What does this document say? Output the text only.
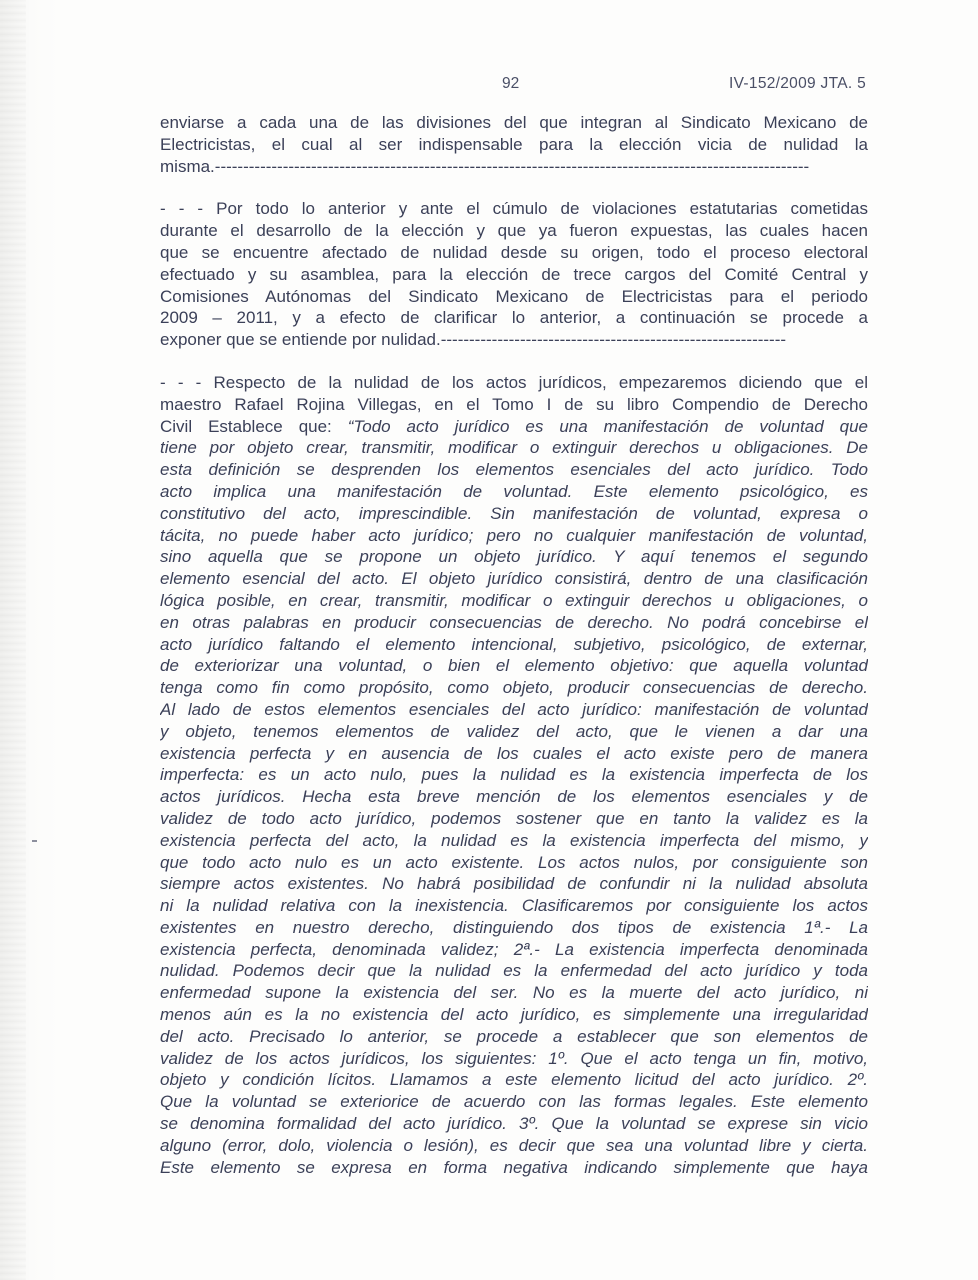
92	IV-152/2009 JTA. 5

enviarse a cada una de las divisiones del que integran al Sindicato Mexicano de
Electricistas, el cual al ser indispensable para la elección vicia de nulidad la
misma.---------------------------------------------------------------------------------------------------------

- - - Por todo lo anterior y ante el cúmulo de violaciones estatutarias cometidas
durante el desarrollo de la elección y que ya fueron expuestas, las cuales hacen
que se encuentre afectado de nulidad desde su origen, todo el proceso electoral
efectuado y su asamblea, para la elección de trece cargos del Comité Central y
Comisiones Autónomas del Sindicato Mexicano de Electricistas para el periodo
2009 – 2011, y a efecto de clarificar lo anterior, a continuación se procede a
exponer que se entiende por nulidad.-------------------------------------------------------------

- - - Respecto de la nulidad de los actos jurídicos, empezaremos diciendo que el
maestro Rafael Rojina Villegas, en el Tomo I de su libro Compendio de Derecho
Civil Establece que: “Todo acto jurídico es una manifestación de voluntad que
tiene por objeto crear, transmitir, modificar o extinguir derechos u obligaciones. De
esta definición se desprenden los elementos esenciales del acto jurídico. Todo
acto implica una manifestación de voluntad. Este elemento psicológico, es
constitutivo del acto, imprescindible. Sin manifestación de voluntad, expresa o
tácita, no puede haber acto jurídico; pero no cualquier manifestación de voluntad,
sino aquella que se propone un objeto jurídico. Y aquí tenemos el segundo
elemento esencial del acto. El objeto jurídico consistirá, dentro de una clasificación
lógica posible, en crear, transmitir, modificar o extinguir derechos u obligaciones, o
en otras palabras en producir consecuencias de derecho. No podrá concebirse el
acto jurídico faltando el elemento intencional, subjetivo, psicológico, de externar,
de exteriorizar una voluntad, o bien el elemento objetivo: que aquella voluntad
tenga como fin como propósito, como objeto, producir consecuencias de derecho.
Al lado de estos elementos esenciales del acto jurídico: manifestación de voluntad
y objeto, tenemos elementos de validez del acto, que le vienen a dar una
existencia perfecta y en ausencia de los cuales el acto existe pero de manera
imperfecta: es un acto nulo, pues la nulidad es la existencia imperfecta de los
actos jurídicos. Hecha esta breve mención de los elementos esenciales y de
validez de todo acto jurídico, podemos sostener que en tanto la validez es la
existencia perfecta del acto, la nulidad es la existencia imperfecta del mismo, y
que todo acto nulo es un acto existente. Los actos nulos, por consiguiente son
siempre actos existentes. No habrá posibilidad de confundir ni la nulidad absoluta
ni la nulidad relativa con la inexistencia. Clasificaremos por consiguiente los actos
existentes en nuestro derecho, distinguiendo dos tipos de existencia 1ª.- La
existencia perfecta, denominada validez; 2ª.- La existencia imperfecta denominada
nulidad. Podemos decir que la nulidad es la enfermedad del acto jurídico y toda
enfermedad supone la existencia del ser. No es la muerte del acto jurídico, ni
menos aún es la no existencia del acto jurídico, es simplemente una irregularidad
del acto. Precisado lo anterior, se procede a establecer que son elementos de
validez de los actos jurídicos, los siguientes: 1º. Que el acto tenga un fin, motivo,
objeto y condición lícitos. Llamamos a este elemento licitud del acto jurídico. 2º.
Que la voluntad se exteriorice de acuerdo con las formas legales. Este elemento
se denomina formalidad del acto jurídico. 3º. Que la voluntad se exprese sin vicio
alguno (error, dolo, violencia o lesión), es decir que sea una voluntad libre y cierta.
Este elemento se expresa en forma negativa indicando simplemente que haya
